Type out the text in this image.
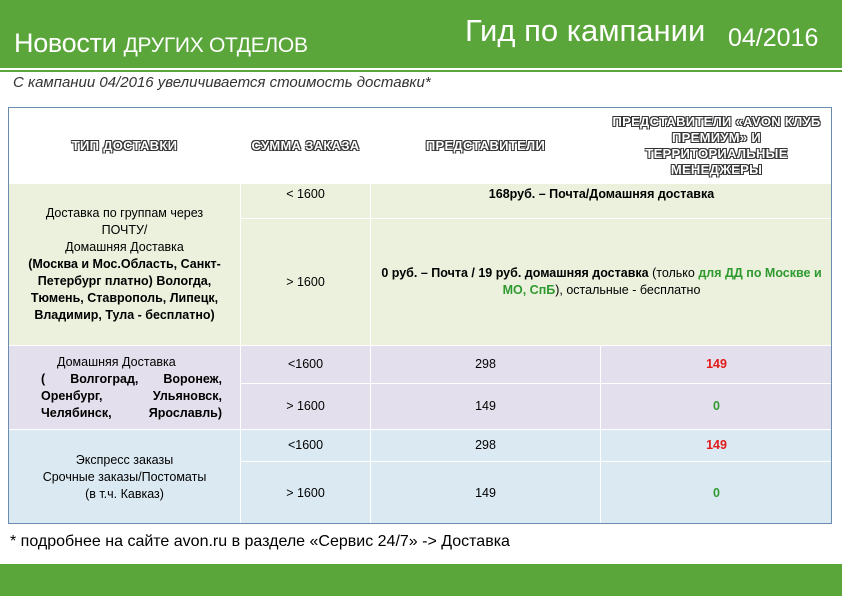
Новости ДРУГИХ ОТДЕЛОВ	Гид по кампании 04/2016
С кампании 04/2016 увеличивается стоимость доставки*
ТИП ДОСТАВКИ	СУММА ЗАКАЗА	ПРЕДСТАВИТЕЛИ	ПРЕДСТАВИТЕЛИ «AVON КЛУБ ПРЕМИУМ» И ТЕРРИТОРИАЛЬНЫЕ МЕНЕДЖЕРЫ

Доставка по группам через
ПОЧТУ/
Домашняя Доставка
(Москва и Мос.Область, Санкт-Петербург платно) Вологда, Тюмень, Ставрополь, Липецк, Владимир, Тула - бесплатно)	< 1600	168руб. – Почта/Домашняя доставка	
	> 1600	0 руб. – Почта / 19 руб. домашняя доставка (только для ДД по Москве и МО, СпБ), остальные - бесплатно	

Домашняя Доставка
( Волгоград, Воронеж, Оренбург, Ульяновск, Челябинск, Ярославль)	<1600	298	149
	> 1600	149	0

Экспресс заказы
Срочные заказы/Постоматы
(в т.ч. Кавказ)	<1600	298	149
	> 1600	149	0
* подробнее на сайте avon.ru в разделе «Сервис 24/7» -> Доставка
